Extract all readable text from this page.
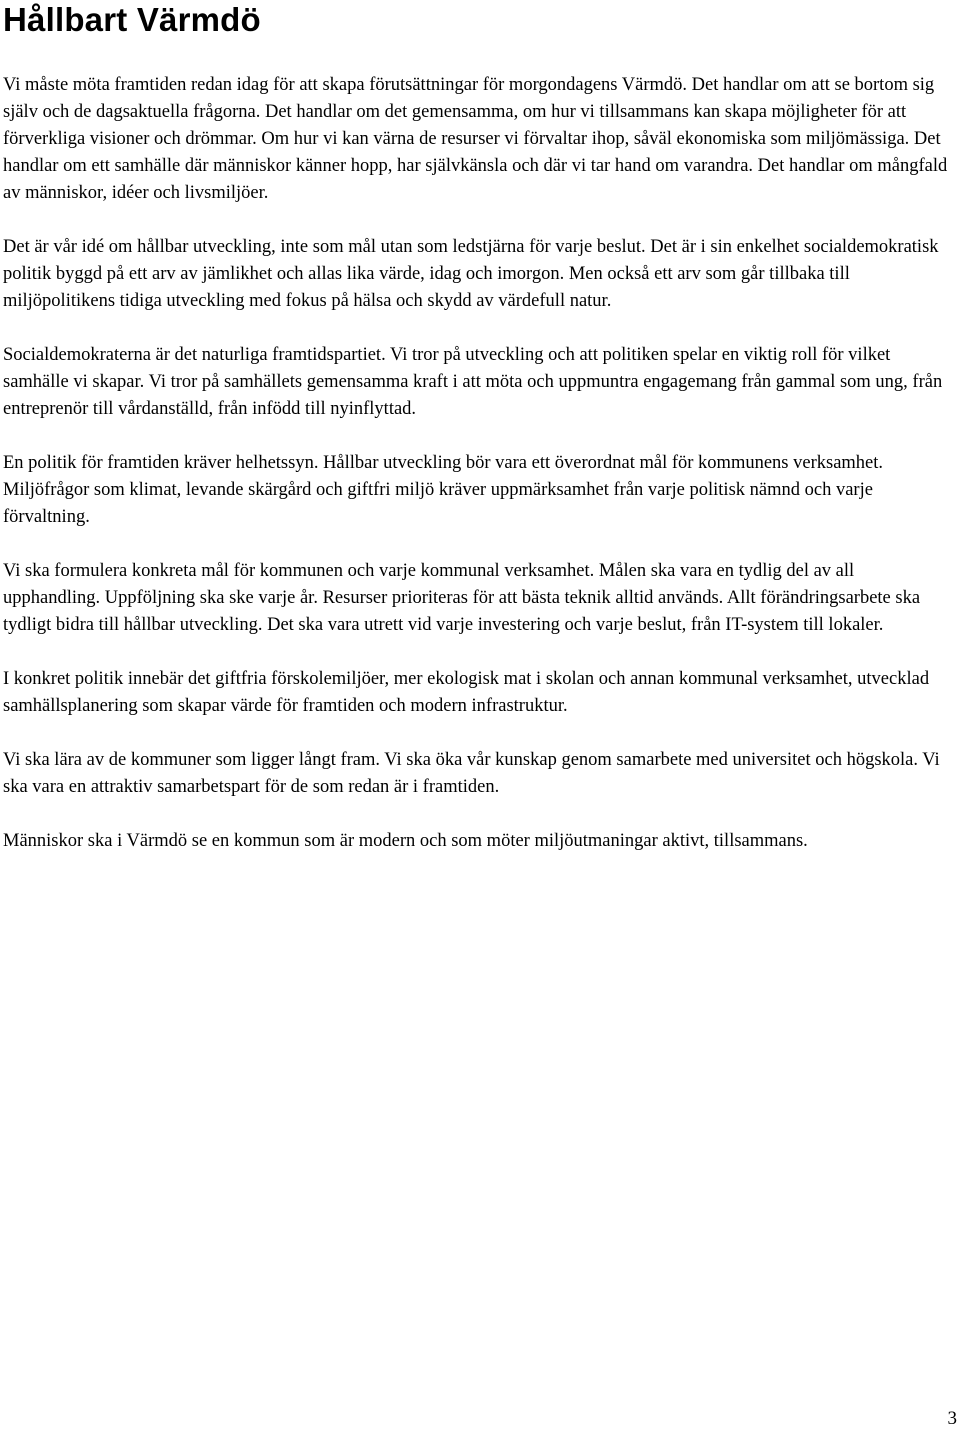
Hållbart Värmdö

Vi måste möta framtiden redan idag för att skapa förutsättningar för morgondagens Värmdö. Det handlar om att se bortom sig själv och de dagsaktuella frågorna. Det handlar om det gemensamma, om hur vi tillsammans kan skapa möjligheter för att förverkliga visioner och drömmar. Om hur vi kan värna de resurser vi förvaltar ihop, såväl ekonomiska som miljömässiga. Det handlar om ett samhälle där människor känner hopp, har självkänsla och där vi tar hand om varandra. Det handlar om mångfald av människor, idéer och livsmiljöer.

Det är vår idé om hållbar utveckling, inte som mål utan som ledstjärna för varje beslut. Det är i sin enkelhet socialdemokratisk politik byggd på ett arv av jämlikhet och allas lika värde, idag och imorgon. Men också ett arv som går tillbaka till miljöpolitikens tidiga utveckling med fokus på hälsa och skydd av värdefull natur.

Socialdemokraterna är det naturliga framtidspartiet. Vi tror på utveckling och att politiken spelar en viktig roll för vilket samhälle vi skapar. Vi tror på samhällets gemensamma kraft i att möta och uppmuntra engagemang från gammal som ung, från entreprenör till vårdanställd, från infödd till nyinflyttad.

En politik för framtiden kräver helhetssyn. Hållbar utveckling bör vara ett överordnat mål för kommunens verksamhet. Miljöfrågor som klimat, levande skärgård och giftfri miljö kräver uppmärksamhet från varje politisk nämnd och varje förvaltning.

Vi ska formulera konkreta mål för kommunen och varje kommunal verksamhet. Målen ska vara en tydlig del av all upphandling. Uppföljning ska ske varje år. Resurser prioriteras för att bästa teknik alltid används. Allt förändringsarbete ska tydligt bidra till hållbar utveckling. Det ska vara utrett vid varje investering och varje beslut, från IT-system till lokaler.

I konkret politik innebär det giftfria förskolemiljöer, mer ekologisk mat i skolan och annan kommunal verksamhet, utvecklad samhällsplanering som skapar värde för framtiden och modern infrastruktur.

Vi ska lära av de kommuner som ligger långt fram. Vi ska öka vår kunskap genom samarbete med universitet och högskola. Vi ska vara en attraktiv samarbetspart för de som redan är i framtiden.

Människor ska i Värmdö se en kommun som är modern och som möter miljöutmaningar aktivt, tillsammans.

3
